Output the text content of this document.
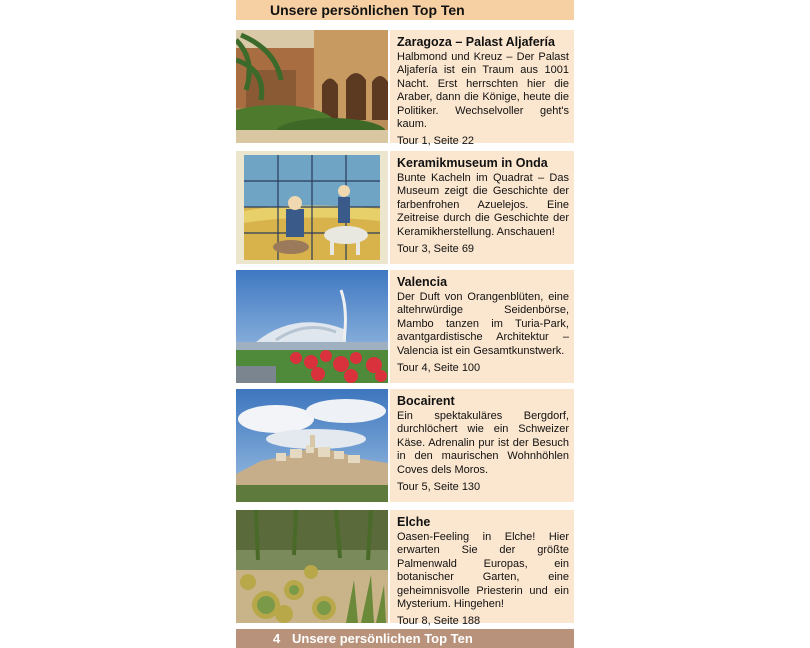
Unsere persönlichen Top Ten
Zaragoza – Palast Aljafería
Halbmond und Kreuz – Der Palast Aljafería ist ein Traum aus 1001 Nacht. Erst herrschten hier die Araber, dann die Könige, heute die Politiker. Wechselvoller geht's kaum.
Tour 1, Seite 22
Keramikmuseum in Onda
Bunte Kacheln im Quadrat – Das Museum zeigt die Geschichte der farbenfrohen Azuelejos. Eine Zeitreise durch die Geschichte der Keramikherstellung. Anschauen!
Tour 3, Seite 69
Valencia
Der Duft von Orangenblüten, eine altehrwürdige Seidenbörse, Mambo tanzen im Turia-Park, avantgardistische Architektur – Valencia ist ein Gesamtkunstwerk.
Tour 4, Seite 100
Bocairent
Ein spektakuläres Bergdorf, durchlöchert wie ein Schweizer Käse. Adrenalin pur ist der Besuch in den maurischen Wohnhöhlen Coves dels Moros.
Tour 5, Seite 130
Elche
Oasen-Feeling in Elche! Hier erwarten Sie der größte Palmenwald Europas, ein botanischer Garten, eine geheimnisvolle Priesterin und ein Mysterium. Hingehen!
Tour 8, Seite 188
4 Unsere persönlichen Top Ten
